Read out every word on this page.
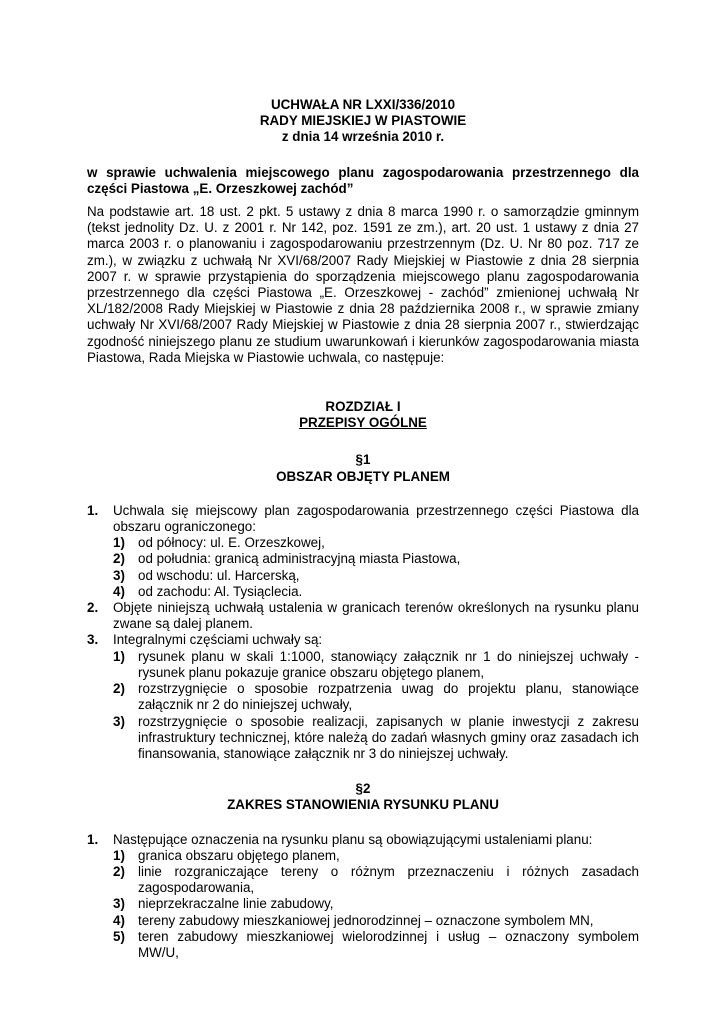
UCHWAŁA NR LXXI/336/2010
RADY MIEJSKIEJ W PIASTOWIE
z dnia 14 września 2010 r.
w sprawie uchwalenia miejscowego planu zagospodarowania przestrzennego dla części Piastowa „E. Orzeszkowej zachód”
Na podstawie art. 18 ust. 2 pkt. 5 ustawy z dnia 8 marca 1990 r. o samorządzie gminnym (tekst jednolity Dz. U. z 2001 r. Nr 142, poz. 1591 ze zm.), art. 20 ust. 1 ustawy z dnia 27 marca 2003 r. o planowaniu i zagospodarowaniu przestrzennym (Dz. U. Nr 80 poz. 717 ze zm.), w związku z uchwałą Nr XVI/68/2007 Rady Miejskiej w Piastowie z dnia 28 sierpnia 2007 r. w sprawie przystąpienia do sporządzenia miejscowego planu zagospodarowania przestrzennego dla części Piastowa „E. Orzeszkowej - zachód” zmienionej uchwałą Nr XL/182/2008 Rady Miejskiej w Piastowie z dnia 28 października 2008 r., w sprawie zmiany uchwały Nr XVI/68/2007 Rady Miejskiej w Piastowie z dnia 28 sierpnia 2007 r., stwierdzając zgodność niniejszego planu ze studium uwarunkowań i kierunków zagospodarowania miasta Piastowa, Rada Miejska w Piastowie uchwala, co następuje:
ROZDZIAŁ I
PRZEPISY OGÓLNE
§1
OBSZAR OBJĘTY PLANEM
1.	Uchwala się miejscowy plan zagospodarowania przestrzennego części Piastowa dla obszaru ograniczonego:
1) od północy: ul. E. Orzeszkowej,
2) od południa: granicą administracyjną miasta Piastowa,
3) od wschodu: ul. Harcerską,
4) od zachodu: Al. Tysiąclecia.
2.	Objęte niniejszą uchwałą ustalenia w granicach terenów określonych na rysunku planu zwane są dalej planem.
3.	Integralnymi częściami uchwały są:
1) rysunek planu w skali 1:1000, stanowiący załącznik nr 1 do niniejszej uchwały - rysunek planu pokazuje granice obszaru objętego planem,
2) rozstrzygnięcie o sposobie rozpatrzenia uwag do projektu planu, stanowiące załącznik nr 2 do niniejszej uchwały,
3) rozstrzygnięcie o sposobie realizacji, zapisanych w planie inwestycji z zakresu infrastruktury technicznej, które należą do zadań własnych gminy oraz zasadach ich finansowania, stanowiące załącznik nr 3 do niniejszej uchwały.
§2
ZAKRES STANOWIENIA RYSUNKU PLANU
1.	Następujące oznaczenia na rysunku planu są obowiązującymi ustaleniami planu:
1) granica obszaru objętego planem,
2) linie rozgraniczające tereny o różnym przeznaczeniu i różnych zasadach zagospodarowania,
3) nieprzekraczalne linie zabudowy,
4) tereny zabudowy mieszkaniowej jednorodzinnej – oznaczone symbolem MN,
5) teren zabudowy mieszkaniowej wielorodzinnej i usług – oznaczony symbolem MW/U,
